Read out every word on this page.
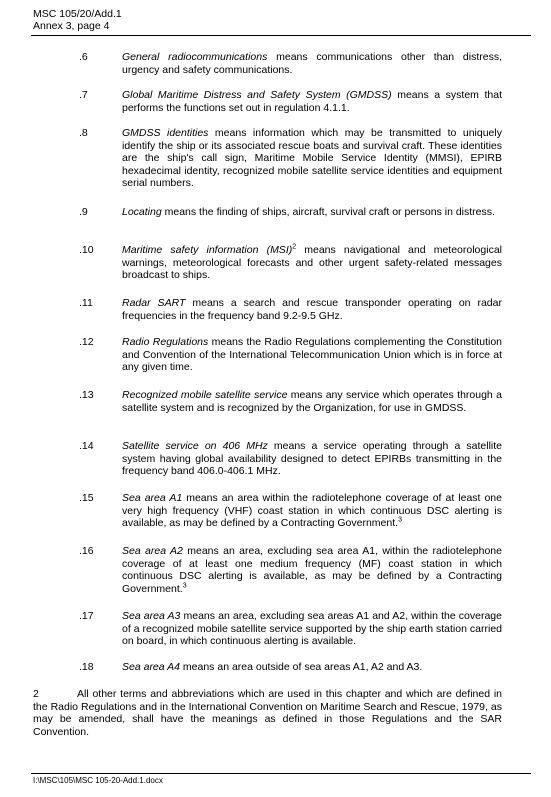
MSC 105/20/Add.1
Annex 3, page 4
.6	General radiocommunications means communications other than distress, urgency and safety communications.
.7	Global Maritime Distress and Safety System (GMDSS) means a system that performs the functions set out in regulation 4.1.1.
.8	GMDSS identities means information which may be transmitted to uniquely identify the ship or its associated rescue boats and survival craft. These identities are the ship's call sign, Maritime Mobile Service Identity (MMSI), EPIRB hexadecimal identity, recognized mobile satellite service identities and equipment serial numbers.
.9	Locating means the finding of ships, aircraft, survival craft or persons in distress.
.10	Maritime safety information (MSI)$^2$ means navigational and meteorological warnings, meteorological forecasts and other urgent safety-related messages broadcast to ships.
.11	Radar SART means a search and rescue transponder operating on radar frequencies in the frequency band 9.2-9.5 GHz.
.12	Radio Regulations means the Radio Regulations complementing the Constitution and Convention of the International Telecommunication Union which is in force at any given time.
.13	Recognized mobile satellite service means any service which operates through a satellite system and is recognized by the Organization, for use in GMDSS.
.14	Satellite service on 406 MHz means a service operating through a satellite system having global availability designed to detect EPIRBs transmitting in the frequency band 406.0-406.1 MHz.
.15	Sea area A1 means an area within the radiotelephone coverage of at least one very high frequency (VHF) coast station in which continuous DSC alerting is available, as may be defined by a Contracting Government.$^3$
.16	Sea area A2 means an area, excluding sea area A1, within the radiotelephone coverage of at least one medium frequency (MF) coast station in which continuous DSC alerting is available, as may be defined by a Contracting Government.$^3$
.17	Sea area A3 means an area, excluding sea areas A1 and A2, within the coverage of a recognized mobile satellite service supported by the ship earth station carried on board, in which continuous alerting is available.
.18	Sea area A4 means an area outside of sea areas A1, A2 and A3.
2	All other terms and abbreviations which are used in this chapter and which are defined in the Radio Regulations and in the International Convention on Maritime Search and Rescue, 1979, as may be amended, shall have the meanings as defined in those Regulations and the SAR Convention.
I:\MSC\105\MSC 105-20-Add.1.docx
